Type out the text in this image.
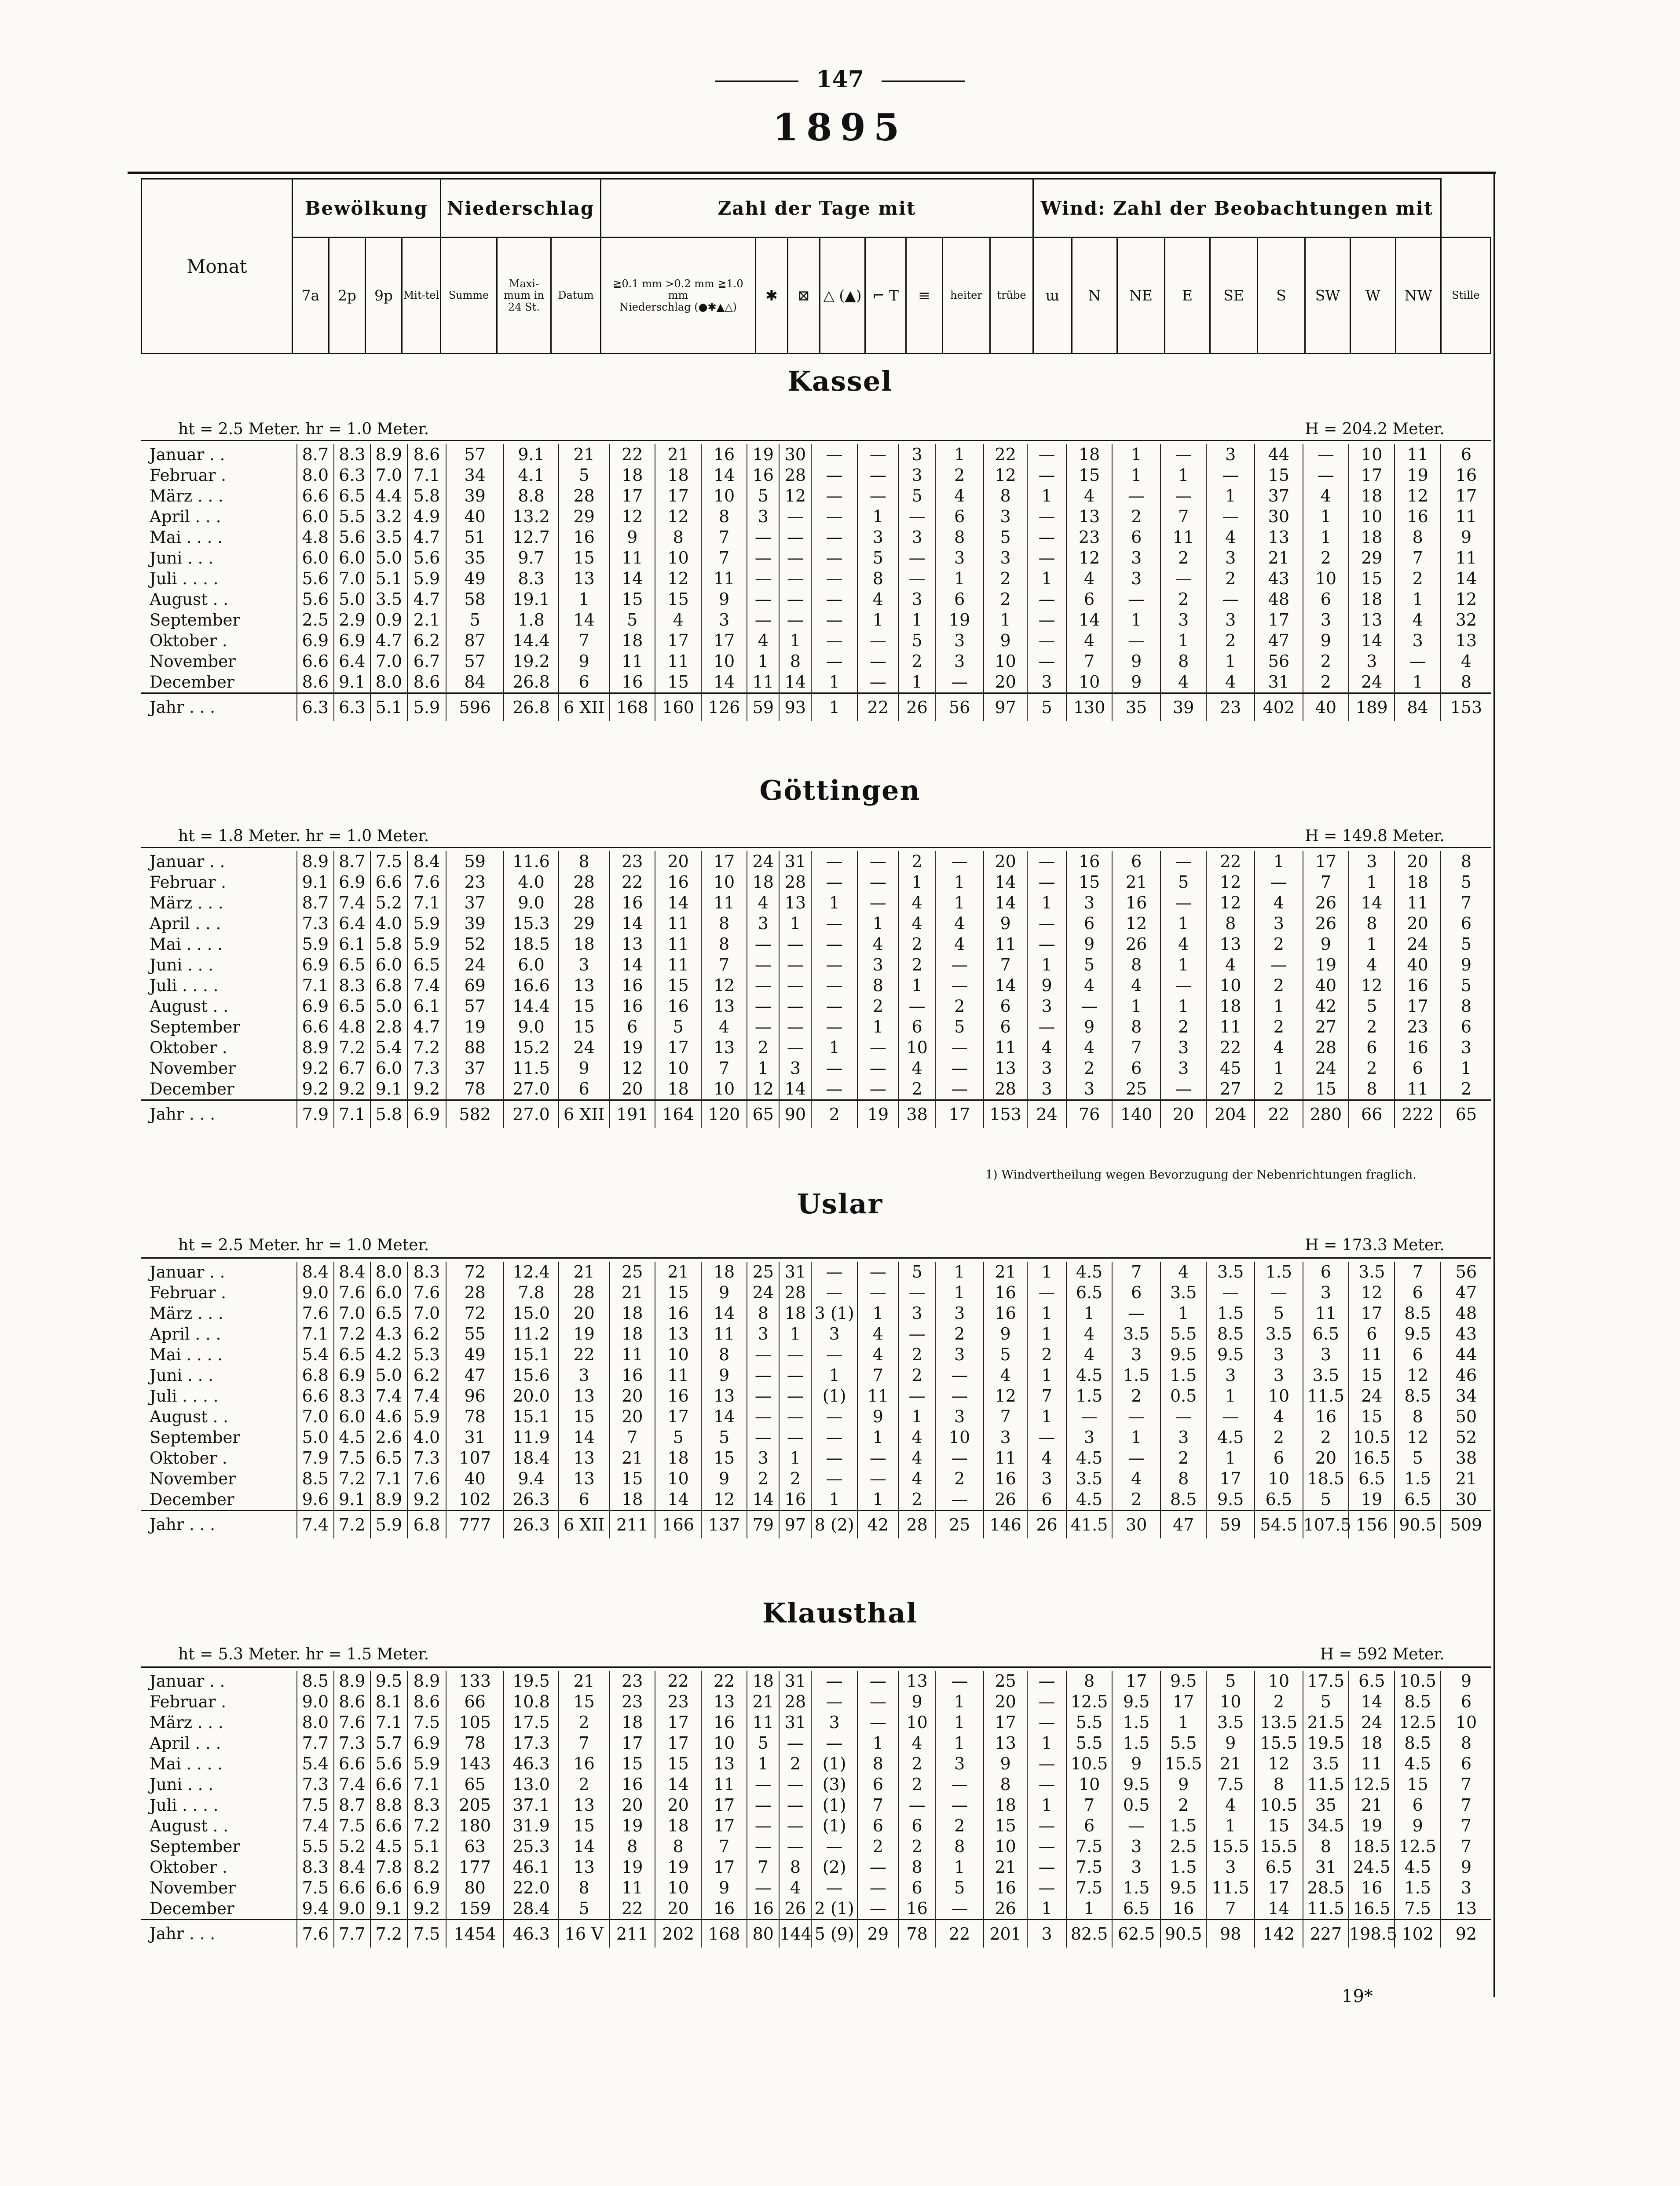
147
1895
Monat	Bewölkung				Niederschlag			Zahl der Tage mit								Wind: Zahl der Beobachtungen mit									
	7a	2p	9p	Mit-tel	Summe	Maxi-mum in 24 St.	Datum	≧0.1 mm >0.2 mm ≧1.0 mm
Niederschlag (●✱▲△)	✱	⊠	△ (▲)	⌐ T	≡	heiter	trübe	ɯ	N	NE	E	SE	S	SW	W	NW	Stille
Kassel
ht = 2.5 Meter. hr = 1.0 Meter.	H = 204.2 Meter.
Januar . .	8.7	8.3	8.9	8.6	57	9.1	21	22	21	16	19	30	—	—	3	1	22	—	18	1	—	3	44	—	10	11	6
Februar .	8.0	6.3	7.0	7.1	34	4.1	5	18	18	14	16	28	—	—	3	2	12	—	15	1	1	—	15	—	17	19	16
März . . .	6.6	6.5	4.4	5.8	39	8.8	28	17	17	10	5	12	—	—	5	4	8	1	4	—	—	1	37	4	18	12	17
April . . .	6.0	5.5	3.2	4.9	40	13.2	29	12	12	8	3	—	—	1	—	6	3	—	13	2	7	—	30	1	10	16	11
Mai . . . .	4.8	5.6	3.5	4.7	51	12.7	16	9	8	7	—	—	—	3	3	8	5	—	23	6	11	4	13	1	18	8	9
Juni . . .	6.0	6.0	5.0	5.6	35	9.7	15	11	10	7	—	—	—	5	—	3	3	—	12	3	2	3	21	2	29	7	11
Juli . . . .	5.6	7.0	5.1	5.9	49	8.3	13	14	12	11	—	—	—	8	—	1	2	1	4	3	—	2	43	10	15	2	14
August . .	5.6	5.0	3.5	4.7	58	19.1	1	15	15	9	—	—	—	4	3	6	2	—	6	—	2	—	48	6	18	1	12
September	2.5	2.9	0.9	2.1	5	1.8	14	5	4	3	—	—	—	1	1	19	1	—	14	1	3	3	17	3	13	4	32
Oktober .	6.9	6.9	4.7	6.2	87	14.4	7	18	17	17	4	1	—	—	5	3	9	—	4	—	1	2	47	9	14	3	13
November	6.6	6.4	7.0	6.7	57	19.2	9	11	11	10	1	8	—	—	2	3	10	—	7	9	8	1	56	2	3	—	4
December	8.6	9.1	8.0	8.6	84	26.8	6	16	15	14	11	14	1	—	1	—	20	3	10	9	4	4	31	2	24	1	8
Jahr . . .	6.3	6.3	5.1	5.9	596	26.8	6 XII	168	160	126	59	93	1	22	26	56	97	5	130	35	39	23	402	40	189	84	153
Göttingen
ht = 1.8 Meter. hr = 1.0 Meter.	H = 149.8 Meter.
Januar . .	8.9	8.7	7.5	8.4	59	11.6	8	23	20	17	24	31	—	—	2	—	20	—	16	6	—	22	1	17	3	20	8
Februar .	9.1	6.9	6.6	7.6	23	4.0	28	22	16	10	18	28	—	—	1	1	14	—	15	21	5	12	—	7	1	18	5
März . . .	8.7	7.4	5.2	7.1	37	9.0	28	16	14	11	4	13	1	—	4	1	14	1	3	16	—	12	4	26	14	11	7
April . . .	7.3	6.4	4.0	5.9	39	15.3	29	14	11	8	3	1	—	1	4	4	9	—	6	12	1	8	3	26	8	20	6
Mai . . . .	5.9	6.1	5.8	5.9	52	18.5	18	13	11	8	—	—	—	4	2	4	11	—	9	26	4	13	2	9	1	24	5
Juni . . .	6.9	6.5	6.0	6.5	24	6.0	3	14	11	7	—	—	—	3	2	—	7	1	5	8	1	4	—	19	4	40	9
Juli . . . .	7.1	8.3	6.8	7.4	69	16.6	13	16	15	12	—	—	—	8	1	—	14	9	4	4	—	10	2	40	12	16	5
August . .	6.9	6.5	5.0	6.1	57	14.4	15	16	16	13	—	—	—	2	—	2	6	3	—	1	1	18	1	42	5	17	8
September	6.6	4.8	2.8	4.7	19	9.0	15	6	5	4	—	—	—	1	6	5	6	—	9	8	2	11	2	27	2	23	6
Oktober .	8.9	7.2	5.4	7.2	88	15.2	24	19	17	13	2	—	1	—	10	—	11	4	4	7	3	22	4	28	6	16	3
November	9.2	6.7	6.0	7.3	37	11.5	9	12	10	7	1	3	—	—	4	—	13	3	2	6	3	45	1	24	2	6	1
December	9.2	9.2	9.1	9.2	78	27.0	6	20	18	10	12	14	—	—	2	—	28	3	3	25	—	27	2	15	8	11	2
Jahr . . .	7.9	7.1	5.8	6.9	582	27.0	6 XII	191	164	120	65	90	2	19	38	17	153	24	76	140	20	204	22	280	66	222	65
1) Windvertheilung wegen Bevorzugung der Nebenrichtungen fraglich.
Uslar
ht = 2.5 Meter. hr = 1.0 Meter.	H = 173.3 Meter.
Januar . .	8.4	8.4	8.0	8.3	72	12.4	21	25	21	18	25	31	—	—	5	1	21	1	4.5	7	4	3.5	1.5	6	3.5	7	56
Februar .	9.0	7.6	6.0	7.6	28	7.8	28	21	15	9	24	28	—	—	—	1	16	—	6.5	6	3.5	—	—	3	12	6	47
März . . .	7.6	7.0	6.5	7.0	72	15.0	20	18	16	14	8	18	3 (1)	1	3	3	16	1	1	—	1	1.5	5	11	17	8.5	48
April . . .	7.1	7.2	4.3	6.2	55	11.2	19	18	13	11	3	1	3	4	—	2	9	1	4	3.5	5.5	8.5	3.5	6.5	6	9.5	43
Mai . . . .	5.4	6.5	4.2	5.3	49	15.1	22	11	10	8	—	—	—	4	2	3	5	2	4	3	9.5	9.5	3	3	11	6	44
Juni . . .	6.8	6.9	5.0	6.2	47	15.6	3	16	11	9	—	—	1	7	2	—	4	1	4.5	1.5	1.5	3	3	3.5	15	12	46
Juli . . . .	6.6	8.3	7.4	7.4	96	20.0	13	20	16	13	—	—	(1)	11	—	—	12	7	1.5	2	0.5	1	10	11.5	24	8.5	34
August . .	7.0	6.0	4.6	5.9	78	15.1	15	20	17	14	—	—	—	9	1	3	7	1	—	—	—	—	4	16	15	8	50
September	5.0	4.5	2.6	4.0	31	11.9	14	7	5	5	—	—	—	1	4	10	3	—	3	1	3	4.5	2	2	10.5	12	52
Oktober .	7.9	7.5	6.5	7.3	107	18.4	13	21	18	15	3	1	—	—	4	—	11	4	4.5	—	2	1	6	20	16.5	5	38
November	8.5	7.2	7.1	7.6	40	9.4	13	15	10	9	2	2	—	—	4	2	16	3	3.5	4	8	17	10	18.5	6.5	1.5	21
December	9.6	9.1	8.9	9.2	102	26.3	6	18	14	12	14	16	1	1	2	—	26	6	4.5	2	8.5	9.5	6.5	5	19	6.5	30
Jahr . . .	7.4	7.2	5.9	6.8	777	26.3	6 XII	211	166	137	79	97	8 (2)	42	28	25	146	26	41.5	30	47	59	54.5	107.5	156	90.5	509
Klausthal
ht = 5.3 Meter. hr = 1.5 Meter.	H = 592 Meter.
Januar . .	8.5	8.9	9.5	8.9	133	19.5	21	23	22	22	18	31	—	—	13	—	25	—	8	17	9.5	5	10	17.5	6.5	10.5	9
Februar .	9.0	8.6	8.1	8.6	66	10.8	15	23	23	13	21	28	—	—	9	1	20	—	12.5	9.5	17	10	2	5	14	8.5	6
März . . .	8.0	7.6	7.1	7.5	105	17.5	2	18	17	16	11	31	3	—	10	1	17	—	5.5	1.5	1	3.5	13.5	21.5	24	12.5	10
April . . .	7.7	7.3	5.7	6.9	78	17.3	7	17	17	10	5	—	—	1	4	1	13	1	5.5	1.5	5.5	9	15.5	19.5	18	8.5	8
Mai . . . .	5.4	6.6	5.6	5.9	143	46.3	16	15	15	13	1	2	(1)	8	2	3	9	—	10.5	9	15.5	21	12	3.5	11	4.5	6
Juni . . .	7.3	7.4	6.6	7.1	65	13.0	2	16	14	11	—	—	(3)	6	2	—	8	—	10	9.5	9	7.5	8	11.5	12.5	15	7
Juli . . . .	7.5	8.7	8.8	8.3	205	37.1	13	20	20	17	—	—	(1)	7	—	—	18	1	7	0.5	2	4	10.5	35	21	6	7
August . .	7.4	7.5	6.6	7.2	180	31.9	15	19	18	17	—	—	(1)	6	6	2	15	—	6	—	1.5	1	15	34.5	19	9	7
September	5.5	5.2	4.5	5.1	63	25.3	14	8	8	7	—	—	—	2	2	8	10	—	7.5	3	2.5	15.5	15.5	8	18.5	12.5	7
Oktober .	8.3	8.4	7.8	8.2	177	46.1	13	19	19	17	7	8	(2)	—	8	1	21	—	7.5	3	1.5	3	6.5	31	24.5	4.5	9
November	7.5	6.6	6.6	6.9	80	22.0	8	11	10	9	—	4	—	—	6	5	16	—	7.5	1.5	9.5	11.5	17	28.5	16	1.5	3
December	9.4	9.0	9.1	9.2	159	28.4	5	22	20	16	16	26	2 (1)	—	16	—	26	1	1	6.5	16	7	14	11.5	16.5	7.5	13
Jahr . . .	7.6	7.7	7.2	7.5	1454	46.3	16 V	211	202	168	80	144	5 (9)	29	78	22	201	3	82.5	62.5	90.5	98	142	227	198.5	102	92
19*
